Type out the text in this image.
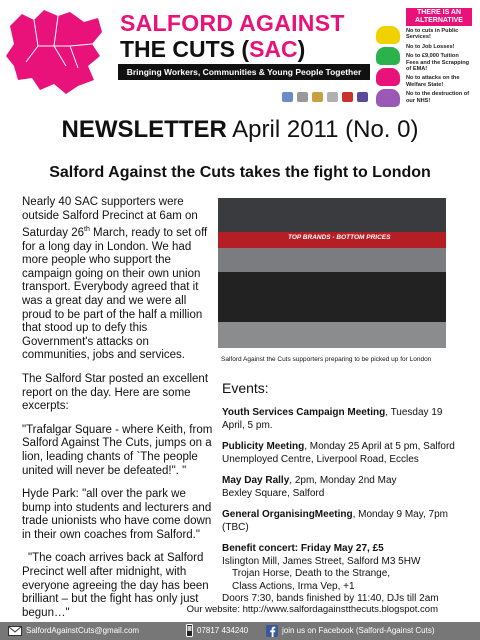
SALFORD AGAINST
THE CUTS (SAC)
Bringing Workers, Communities & Young People Together
THERE IS AN ALTERNATIVE
No to cuts in Public Services!
No to Job Losses!
No to £9,000 Tuition Fees and the Scrapping of EMA!
No to attacks on the Welfare State!
No to the destruction of our NHS!
NEWSLETTER April 2011 (No. 0)
Salford Against the Cuts takes the fight to London

Nearly 40 SAC supporters were outside Salford Precinct at 6am on Saturday 26th March, ready to set off for a long day in London. We had more people who support the campaign going on their own union transport. Everybody agreed that it was a great day and we were all proud to be part of the half a million that stood up to defy this Government's attacks on communities, jobs and services.

The Salford Star posted an excellent report on the day. Here are some excerpts:

"Trafalgar Square - where Keith, from Salford Against The Cuts, jumps on a lion, leading chants of `The people united will never be defeated!". "

Hyde Park: "all over the park we bump into students and lecturers and trade unionists who have come down in their own coaches from Salford."

"The coach arrives back at Salford Precinct well after midnight, with everyone agreeing the day has been brilliant – but the fight has only just begun…"

TOP BRANDS - BOTTOM PRICES
Salford Against the Cuts supporters preparing to be picked up for London
Events:
Youth Services Campaign Meeting, Tuesday 19 April, 5 pm.
Publicity Meeting, Monday 25 April at 5 pm, Salford Unemployed Centre, Liverpool Road, Eccles
May Day Rally, 2pm, Monday 2nd May
Bexley Square, Salford
General OrganisingMeeting, Monday 9 May, 7pm (TBC)
Benefit concert: Friday May 27, £5
Islington Mill, James Street, Salford M3 5HW
Trojan Horse, Death to the Strange,
Class Actions, Irma Vep, +1
Doors 7:30, bands finished by 11:40, DJs till 2am
Our website: http://www.salfordagainstthecuts.blogspot.com
SalfordAgainstCuts@gmail.com	07817 434240	join us on Facebook (Salford-Against Cuts)
